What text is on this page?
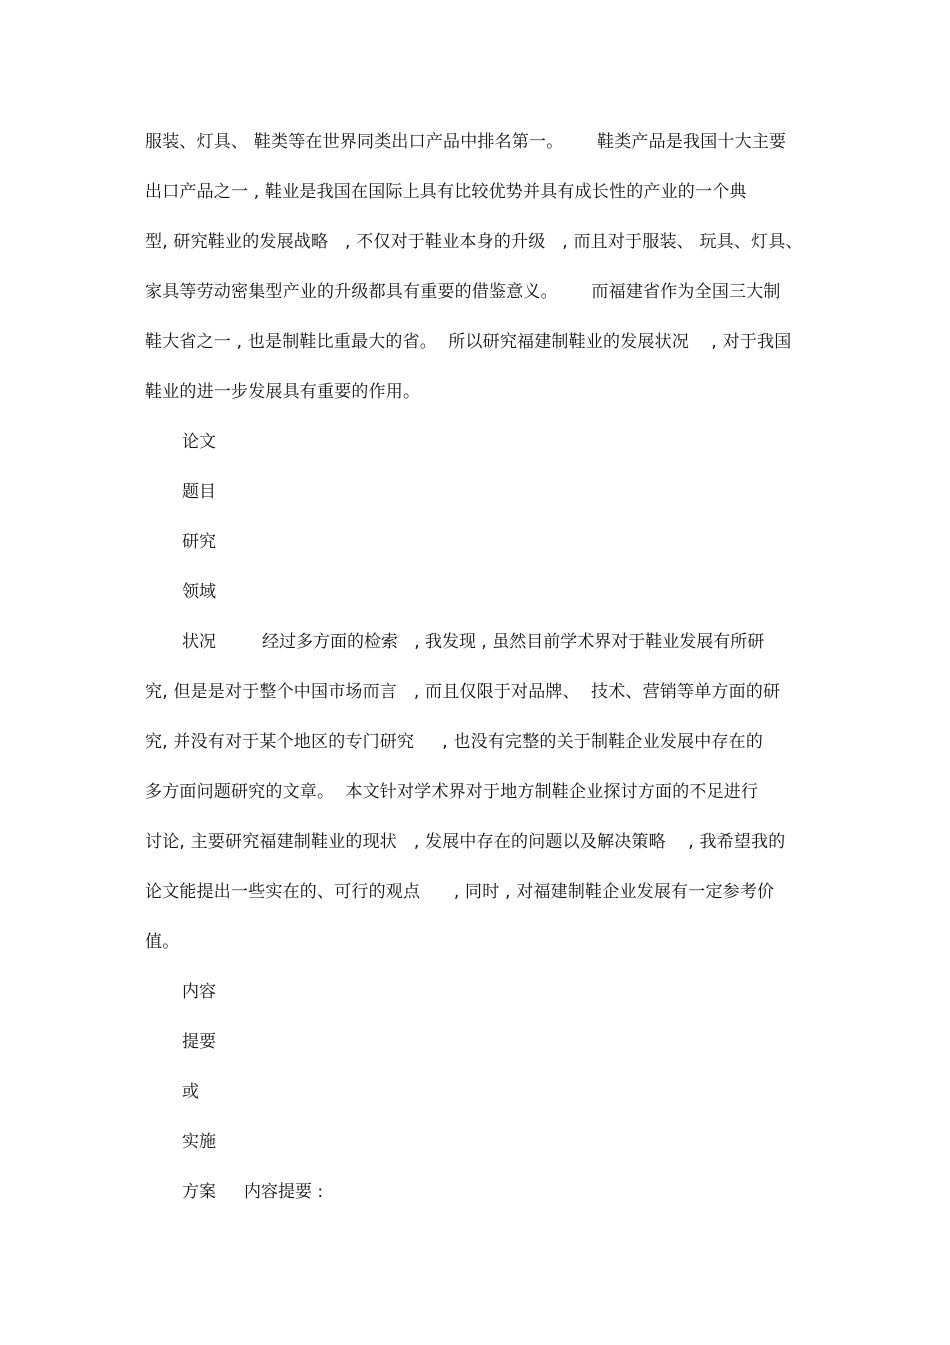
服装、灯具、 鞋类等在世界同类出口产品中排名第一。      鞋类产品是我国十大主要
出口产品之一 , 鞋业是我国在国际上具有比较优势并具有成长性的产业的一个典
型, 研究鞋业的发展战略   , 不仅对于鞋业本身的升级   , 而且对于服装、 玩具、灯具、
家具等劳动密集型产业的升级都具有重要的借鉴意义。      而福建省作为全国三大制
鞋大省之一 , 也是制鞋比重最大的省。  所以研究福建制鞋业的发展状况    , 对于我国
鞋业的进一步发展具有重要的作用。
论文
题目
研究
领域
状况	经过多方面的检索   , 我发现 , 虽然目前学术界对于鞋业发展有所研
究, 但是是对于整个中国市场而言   , 而且仅限于对品牌、  技术、营销等单方面的研
究, 并没有对于某个地区的专门研究     , 也没有完整的关于制鞋企业发展中存在的
多方面问题研究的文章。  本文针对学术界对于地方制鞋企业探讨方面的不足进行
讨论, 主要研究福建制鞋业的现状   , 发展中存在的问题以及解决策略    , 我希望我的
论文能提出一些实在的、可行的观点      , 同时 , 对福建制鞋企业发展有一定参考价
值。
内容
提要
或
实施
方案 内容提要 :
